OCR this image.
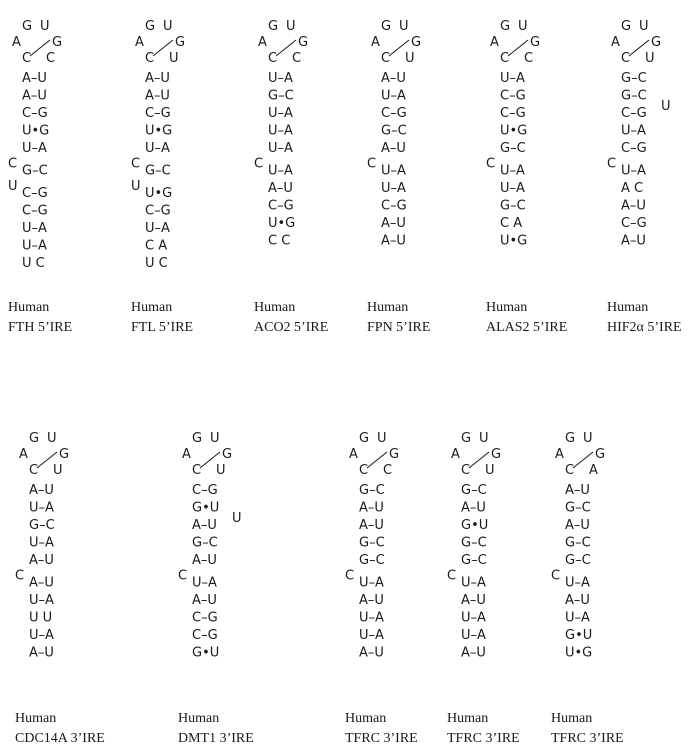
G U
A G
C C
A–U
A–U
C–G
U•G
U–A
C G–C
U C–G
C–G
U–A
U–A
U C
Human
FTH 5’IRE
G U
A G
C U
A–U
A–U
C–G
U•G
U–A
C G–C
U U•G
C–G
U–A
C A
U C
Human
FTL 5’IRE
G U
A G
C C
U–A
G–C
U–A
U–A
U–A
C U–A
A–U
C–G
U•G
C C
Human
ACO2 5’IRE
G U
A G
C U
A–U
U–A
C–G
G–C
A–U
C U–A
U–A
C–G
A–U
A–U
Human
FPN 5’IRE
G U
A G
C C
U–A
C–G
C–G
U•G
G–C
C U–A
U–A
G–C
C A
U•G
Human
ALAS2 5’IRE
G U
A G
C U
G–C
G–C
C–G
U–A
C–G
U
C U–A
A C
A–U
C–G
A–U
Human
HIF2α 5’IRE
G U
A G
C U
A–U
U–A
G–C
U–A
A–U
C A–U
U–A
U U
U–A
A–U
Human
CDC14A 3’IRE
G U
A G
C U
C–G
G•U
A–U
G–C
A–U
U
C U–A
A–U
C–G
C–G
G•U
Human
DMT1 3’IRE
G U
A G
C C
G–C
A–U
A–U
G–C
G–C
C U–A
A–U
U–A
U–A
A–U
Human
TFRC 3’IRE
G U
A G
C U
G–C
A–U
G•U
G–C
G–C
C U–A
A–U
U–A
U–A
A–U
Human
TFRC 3’IRE
G U
A G
C A
A–U
G–C
A–U
G–C
G–C
C U–A
A–U
U–A
G•U
U•G
Human
TFRC 3’IRE
